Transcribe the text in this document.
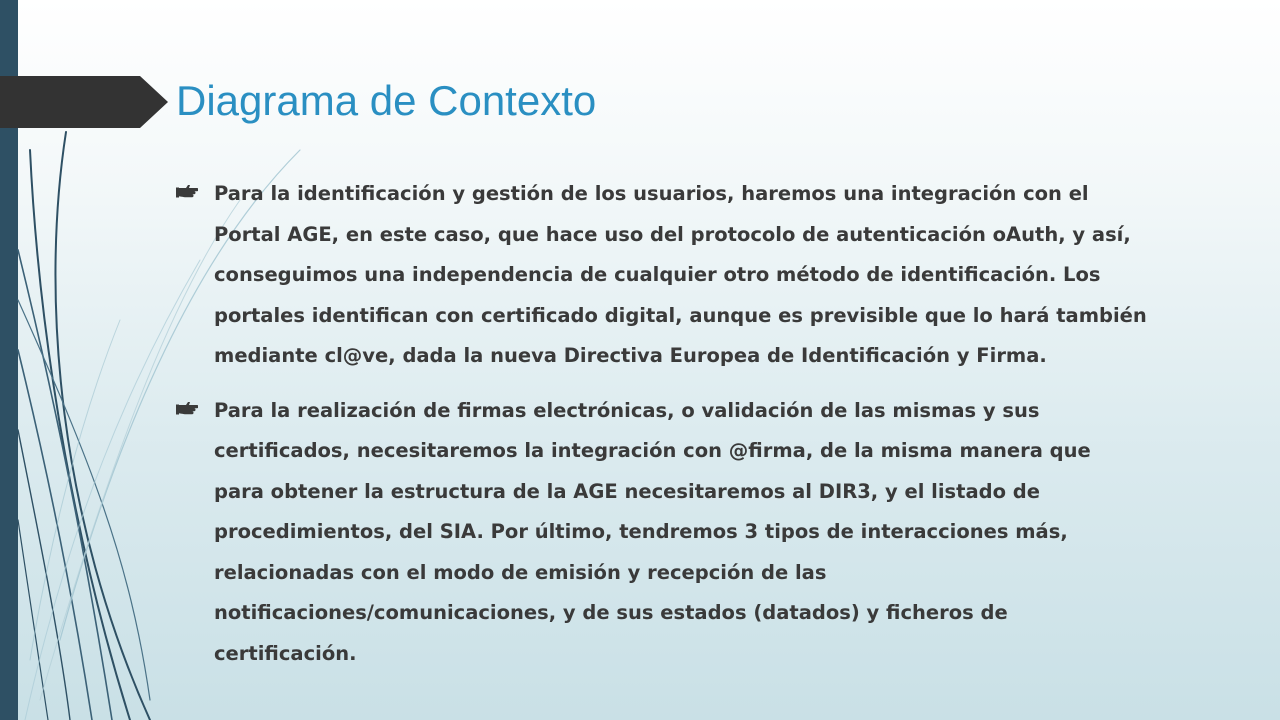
Diagrama de Contexto
Para la identificación y gestión de los usuarios, haremos una integración con el
Portal AGE, en este caso, que hace uso del protocolo de autenticación oAuth, y así,
conseguimos una independencia de cualquier otro método de identificación. Los
portales identifican con certificado digital, aunque es previsible que lo hará también
mediante cl@ve, dada la nueva Directiva Europea de Identificación y Firma.
Para la realización de firmas electrónicas, o validación de las mismas y sus
certificados, necesitaremos la integración con @firma, de la misma manera que
para obtener la estructura de la AGE necesitaremos al DIR3, y el listado de
procedimientos, del SIA. Por último, tendremos 3 tipos de interacciones más,
relacionadas con el modo de emisión y recepción de las
notificaciones/comunicaciones, y de sus estados (datados) y ficheros de
certificación.
